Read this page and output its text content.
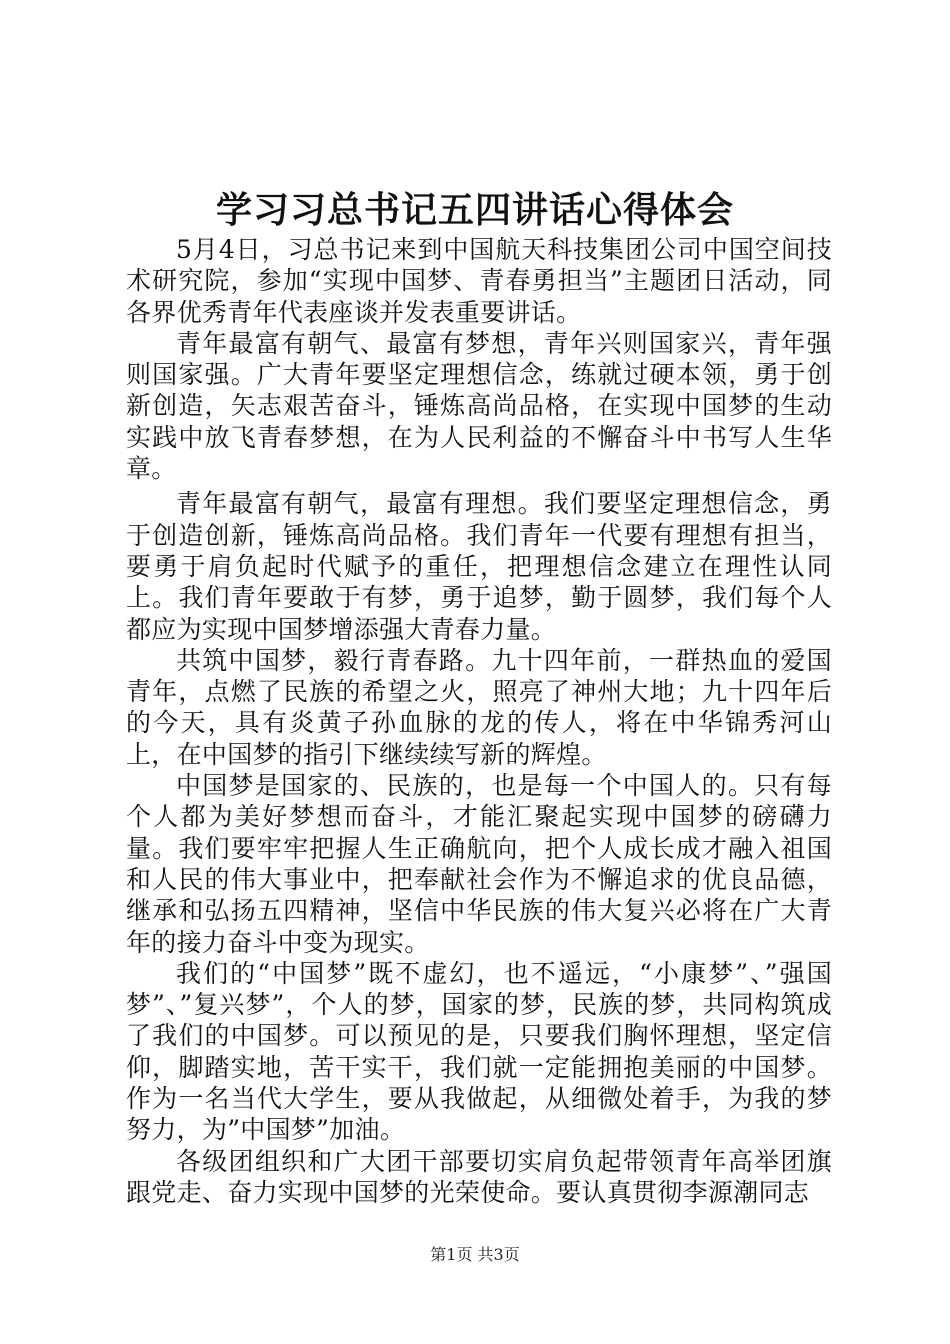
学习习总书记五四讲话心得体会

5月4日，习总书记来到中国航天科技集团公司中国空间技术研究院，参加“实现中国梦、青春勇担当”主题团日活动，同各界优秀青年代表座谈并发表重要讲话。

青年最富有朝气、最富有梦想，青年兴则国家兴，青年强则国家强。广大青年要坚定理想信念，练就过硬本领，勇于创新创造，矢志艰苦奋斗，锤炼高尚品格，在实现中国梦的生动实践中放飞青春梦想，在为人民利益的不懈奋斗中书写人生华章。

青年最富有朝气，最富有理想。我们要坚定理想信念，勇于创造创新，锤炼高尚品格。我们青年一代要有理想有担当，要勇于肩负起时代赋予的重任，把理想信念建立在理性认同上。我们青年要敢于有梦，勇于追梦，勤于圆梦，我们每个人都应为实现中国梦增添强大青春力量。

共筑中国梦，毅行青春路。九十四年前，一群热血的爱国青年，点燃了民族的希望之火，照亮了神州大地；九十四年后的今天，具有炎黄子孙血脉的龙的传人，将在中华锦秀河山上，在中国梦的指引下继续续写新的辉煌。

中国梦是国家的、民族的，也是每一个中国人的。只有每个人都为美好梦想而奋斗，才能汇聚起实现中国梦的磅礴力量。我们要牢牢把握人生正确航向，把个人成长成才融入祖国和人民的伟大事业中，把奉献社会作为不懈追求的优良品德，继承和弘扬五四精神，坚信中华民族的伟大复兴必将在广大青年的接力奋斗中变为现实。

我们的“中国梦”既不虚幻，也不遥远，“小康梦”、”强国梦”、”复兴梦”，个人的梦，国家的梦，民族的梦，共同构筑成了我们的中国梦。可以预见的是，只要我们胸怀理想，坚定信仰，脚踏实地，苦干实干，我们就一定能拥抱美丽的中国梦。作为一名当代大学生，要从我做起，从细微处着手，为我的梦努力，为”中国梦”加油。

各级团组织和广大团干部要切实肩负起带领青年高举团旗跟党走、奋力实现中国梦的光荣使命。要认真贯彻李源潮同志

第1页 共3页
